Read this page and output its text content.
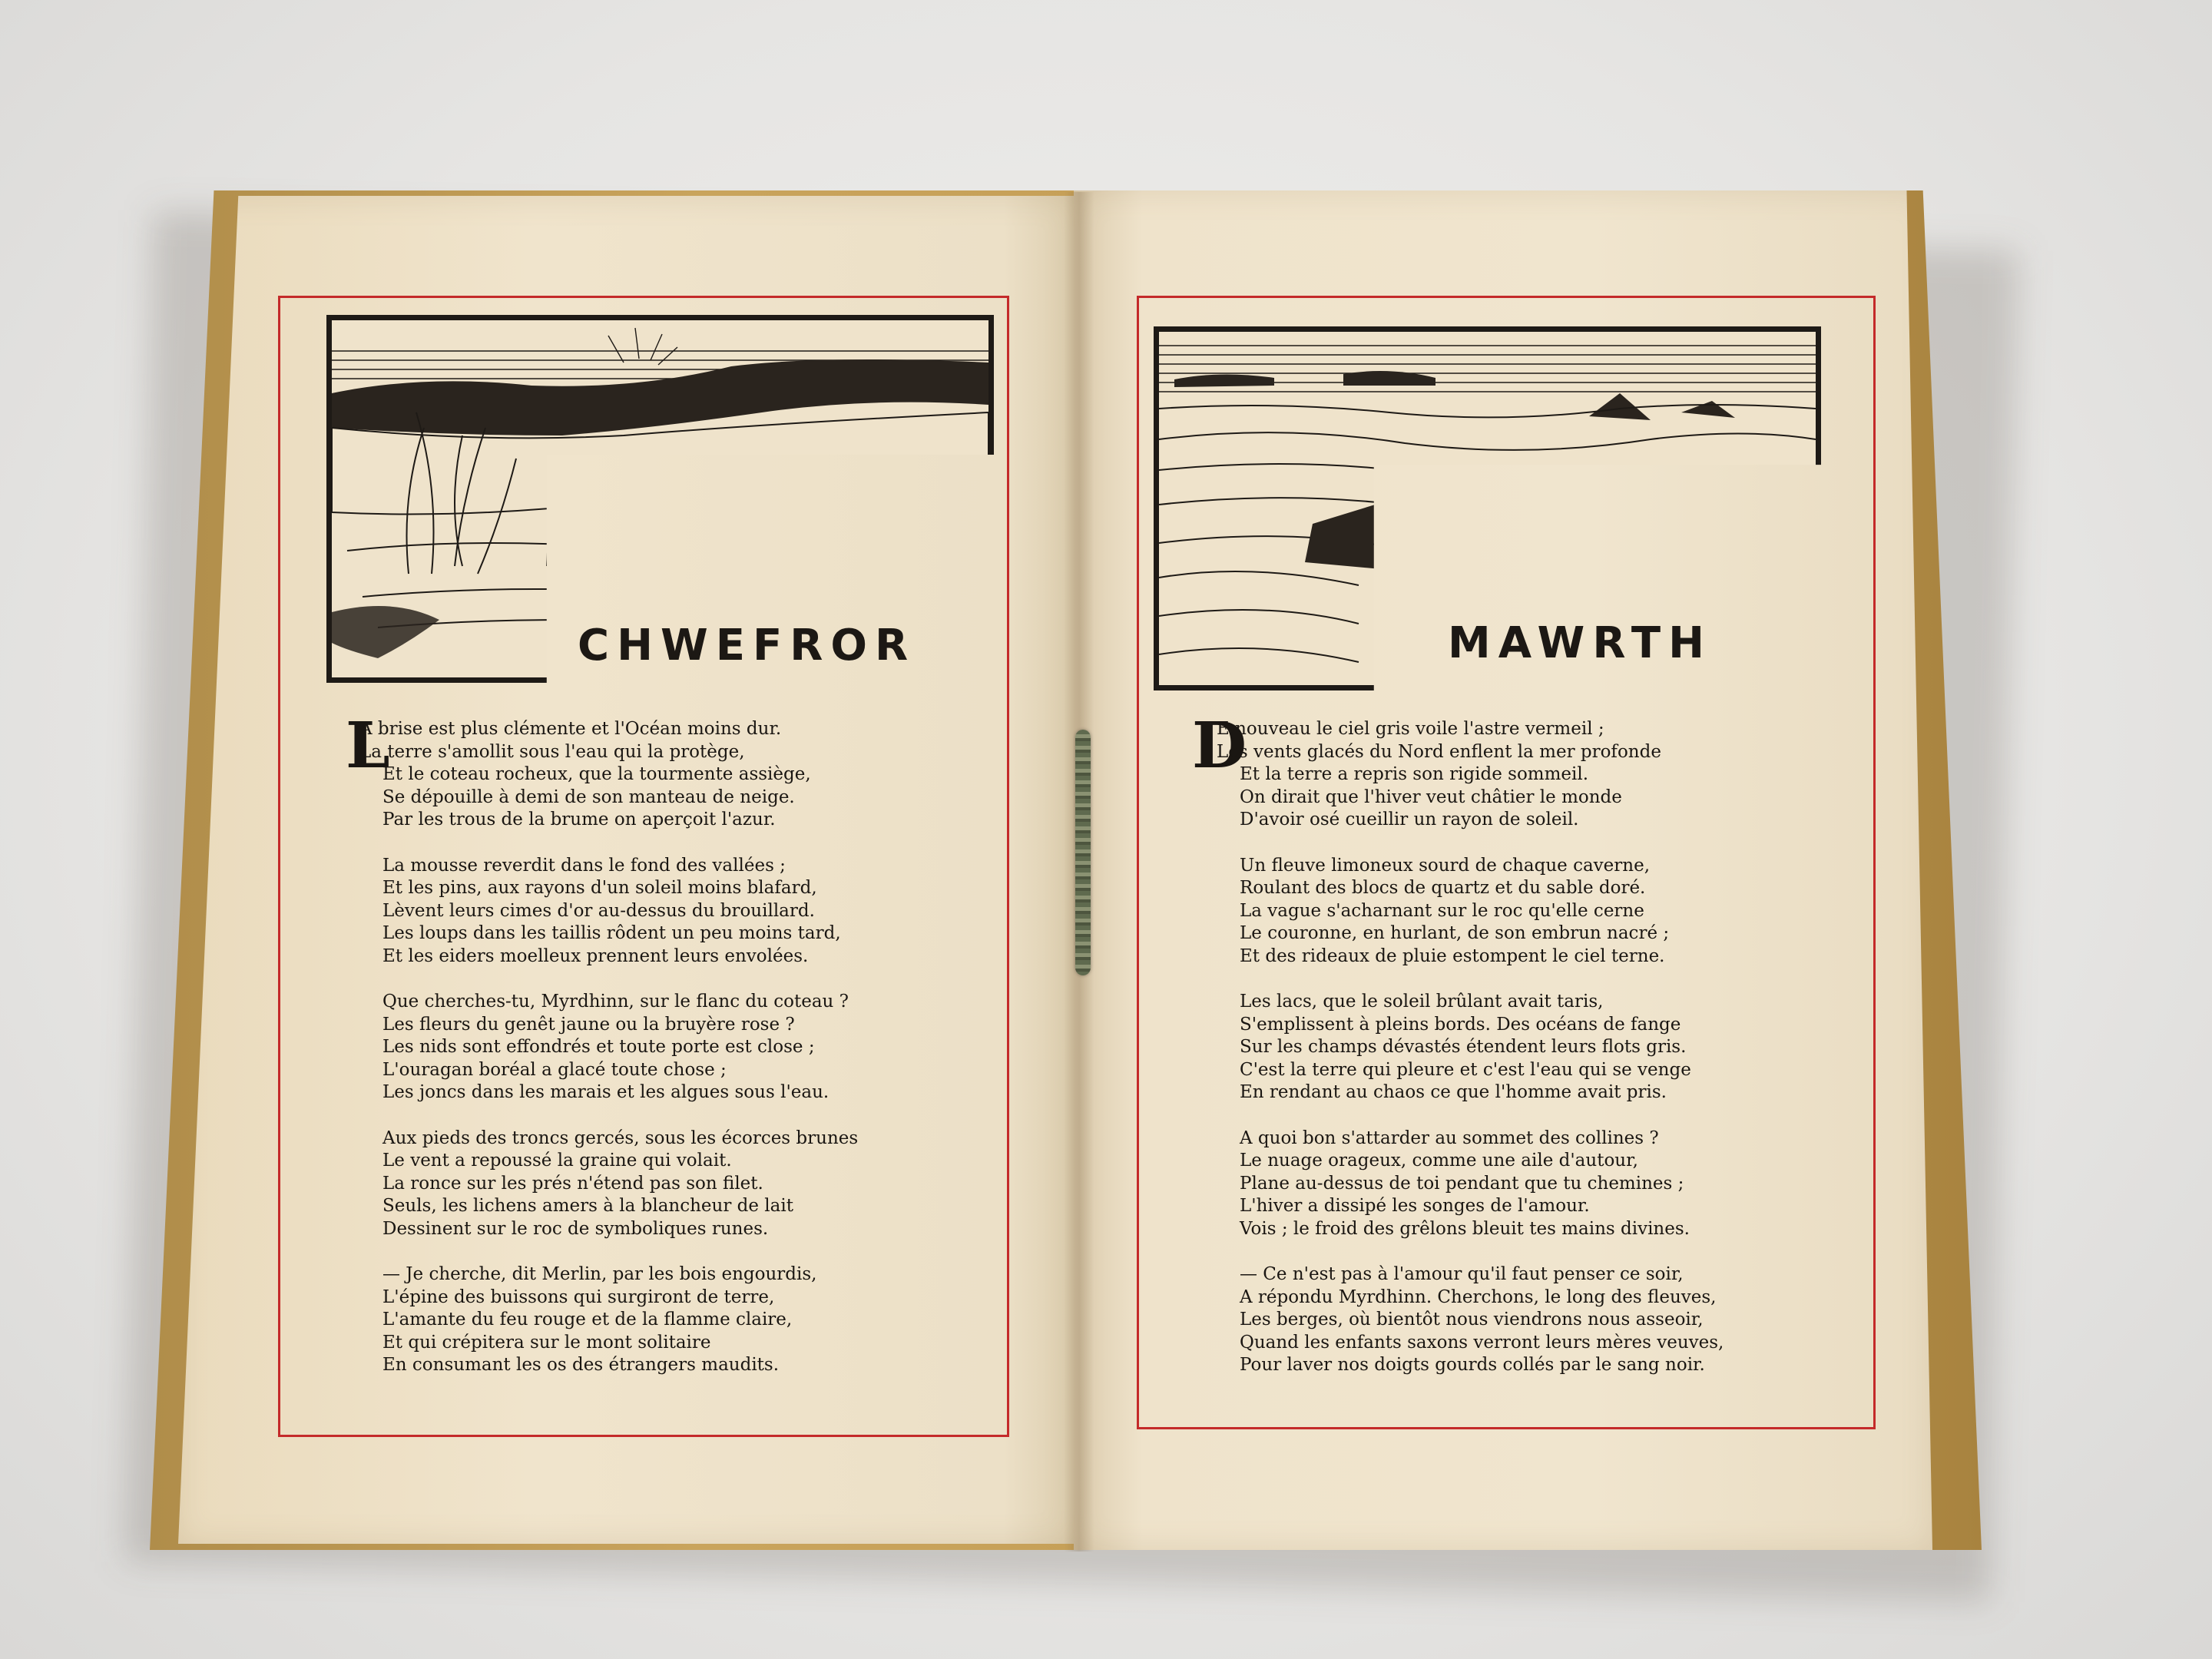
CHWEFROR	MAWRTH
L	D
A brise est plus clémente et l'Océan moins dur.
La terre s'amollit sous l'eau qui la protège,
Et le coteau rocheux, que la tourmente assiège,
Se dépouille à demi de son manteau de neige.
Par les trous de la brume on aperçoit l'azur.
La mousse reverdit dans le fond des vallées ;
Et les pins, aux rayons d'un soleil moins blafard,
Lèvent leurs cimes d'or au-dessus du brouillard.
Les loups dans les taillis rôdent un peu moins tard,
Et les eiders moelleux prennent leurs envolées.
Que cherches-tu, Myrdhinn, sur le flanc du coteau ?
Les fleurs du genêt jaune ou la bruyère rose ?
Les nids sont effondrés et toute porte est close ;
L'ouragan boréal a glacé toute chose ;
Les joncs dans les marais et les algues sous l'eau.
Aux pieds des troncs gercés, sous les écorces brunes
Le vent a repoussé la graine qui volait.
La ronce sur les prés n'étend pas son filet.
Seuls, les lichens amers à la blancheur de lait
Dessinent sur le roc de symboliques runes.
— Je cherche, dit Merlin, par les bois engourdis,
L'épine des buissons qui surgiront de terre,
L'amante du feu rouge et de la flamme claire,
Et qui crépitera sur le mont solitaire
En consumant les os des étrangers maudits.
E nouveau le ciel gris voile l'astre vermeil ;
Les vents glacés du Nord enflent la mer profonde
Et la terre a repris son rigide sommeil.
On dirait que l'hiver veut châtier le monde
D'avoir osé cueillir un rayon de soleil.
Un fleuve limoneux sourd de chaque caverne,
Roulant des blocs de quartz et du sable doré.
La vague s'acharnant sur le roc qu'elle cerne
Le couronne, en hurlant, de son embrun nacré ;
Et des rideaux de pluie estompent le ciel terne.
Les lacs, que le soleil brûlant avait taris,
S'emplissent à pleins bords. Des océans de fange
Sur les champs dévastés étendent leurs flots gris.
C'est la terre qui pleure et c'est l'eau qui se venge
En rendant au chaos ce que l'homme avait pris.
A quoi bon s'attarder au sommet des collines ?
Le nuage orageux, comme une aile d'autour,
Plane au-dessus de toi pendant que tu chemines ;
L'hiver a dissipé les songes de l'amour.
Vois ; le froid des grêlons bleuit tes mains divines.
— Ce n'est pas à l'amour qu'il faut penser ce soir,
A répondu Myrdhinn. Cherchons, le long des fleuves,
Les berges, où bientôt nous viendrons nous asseoir,
Quand les enfants saxons verront leurs mères veuves,
Pour laver nos doigts gourds collés par le sang noir.
